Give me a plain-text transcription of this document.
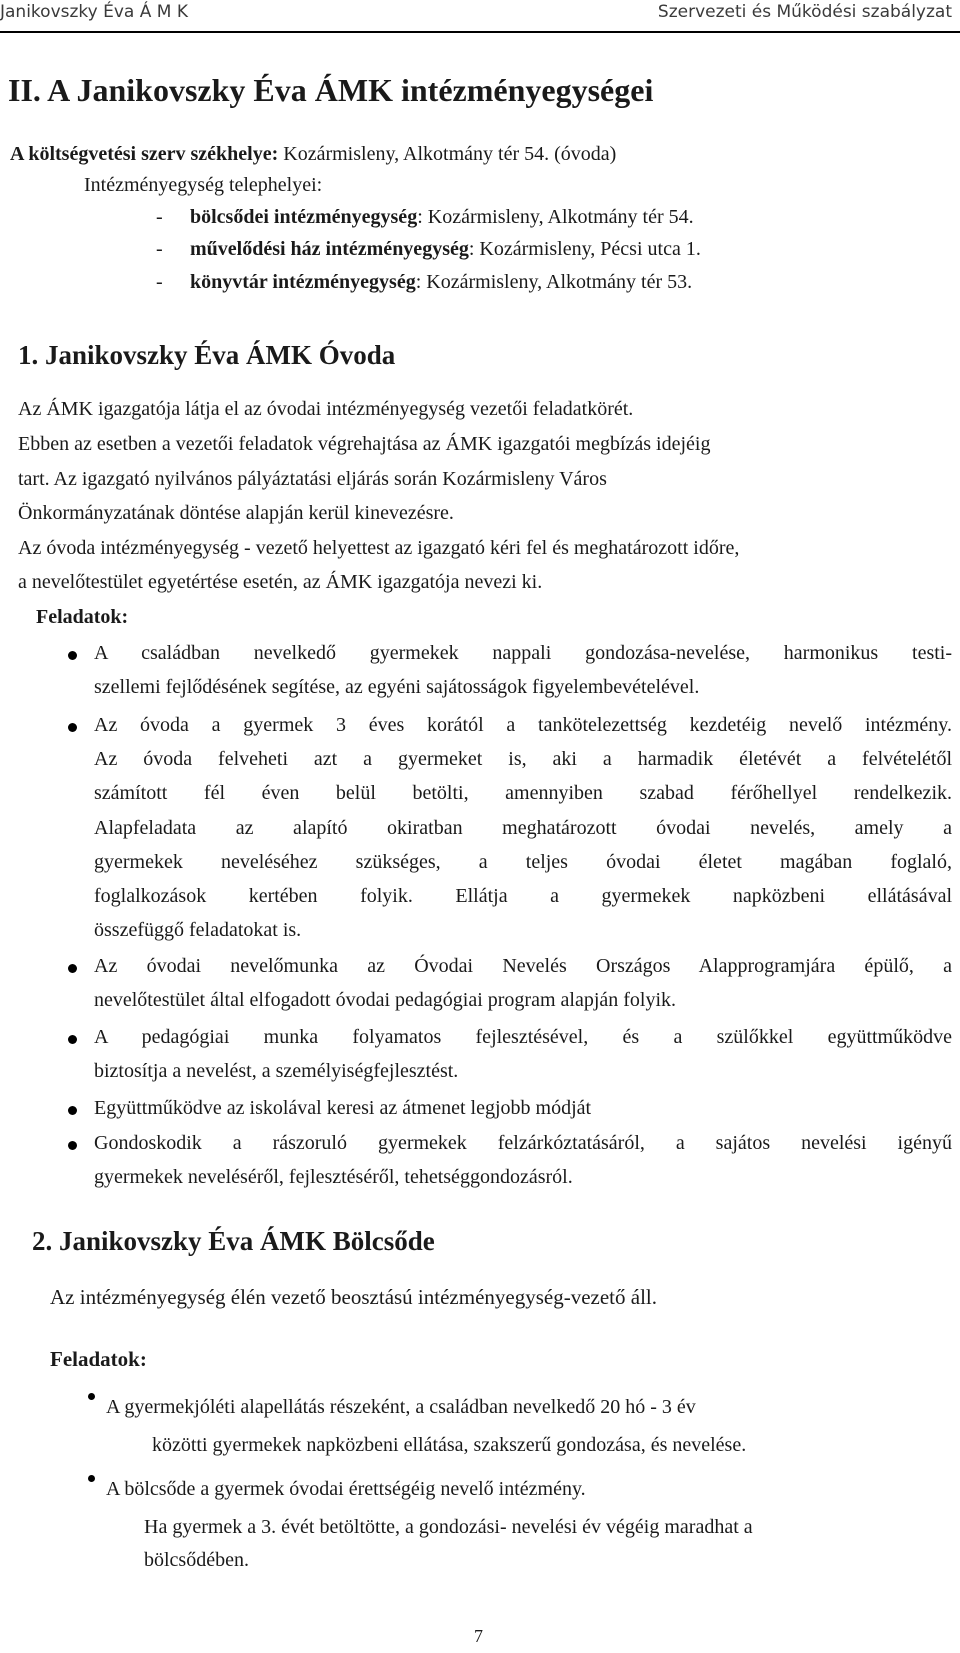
Janikovszky Éva Á M K	Szervezeti és Működési szabályzat
II. A Janikovszky Éva ÁMK intézményegységei
A költségvetési szerv székhelye: Kozármisleny, Alkotmány tér 54. (óvoda)
Intézményegység telephelyei:
- bölcsődei intézményegység: Kozármisleny, Alkotmány tér 54.
- művelődési ház intézményegység: Kozármisleny, Pécsi utca 1.
- könyvtár intézményegység: Kozármisleny, Alkotmány tér 53.
1. Janikovszky Éva ÁMK Óvoda
Az ÁMK igazgatója látja el az óvodai intézményegység vezetői feladatkörét.
Ebben az esetben a vezetői feladatok végrehajtása az ÁMK igazgatói megbízás idejéig
tart. Az igazgató nyilvános pályáztatási eljárás során Kozármisleny Város
Önkormányzatának döntése alapján kerül kinevezésre.
Az óvoda intézményegység - vezető helyettest az igazgató kéri fel és meghatározott időre,
a nevelőtestület egyetértése esetén, az ÁMK igazgatója nevezi ki.
Feladatok:
A családban nevelkedő gyermekek nappali gondozása-nevelése, harmonikus testi-
szellemi fejlődésének segítése, az egyéni sajátosságok figyelembevételével.
Az óvoda a gyermek 3 éves korától a tankötelezettség kezdetéig nevelő intézmény.
Az óvoda felveheti azt a gyermeket is, aki a harmadik életévét a felvételétől
számított fél éven belül betölti, amennyiben szabad férőhellyel rendelkezik.
Alapfeladata az alapító okiratban meghatározott óvodai nevelés, amely a
gyermekek neveléséhez szükséges, a teljes óvodai életet magában foglaló,
foglalkozások kertében folyik. Ellátja a gyermekek napközbeni ellátásával
összefüggő feladatokat is.
Az óvodai nevelőmunka az Óvodai Nevelés Országos Alapprogramjára épülő, a
nevelőtestület által elfogadott óvodai pedagógiai program alapján folyik.
A pedagógiai munka folyamatos fejlesztésével, és a szülőkkel együttműködve
biztosítja a nevelést, a személyiségfejlesztést.
Együttműködve az iskolával keresi az átmenet legjobb módját
Gondoskodik a rászoruló gyermekek felzárkóztatásáról, a sajátos nevelési igényű
gyermekek neveléséről, fejlesztéséről, tehetséggondozásról.
2. Janikovszky Éva ÁMK Bölcsőde
Az intézményegység élén vezető beosztású intézményegység-vezető áll.
Feladatok:
A gyermekjóléti alapellátás részeként, a családban nevelkedő 20 hó - 3 év
közötti gyermekek napközbeni ellátása, szakszerű gondozása, és nevelése.
A bölcsőde a gyermek óvodai érettségéig nevelő intézmény.
Ha gyermek a 3. évét betöltötte, a gondozási- nevelési év végéig maradhat a
bölcsődében.
7
